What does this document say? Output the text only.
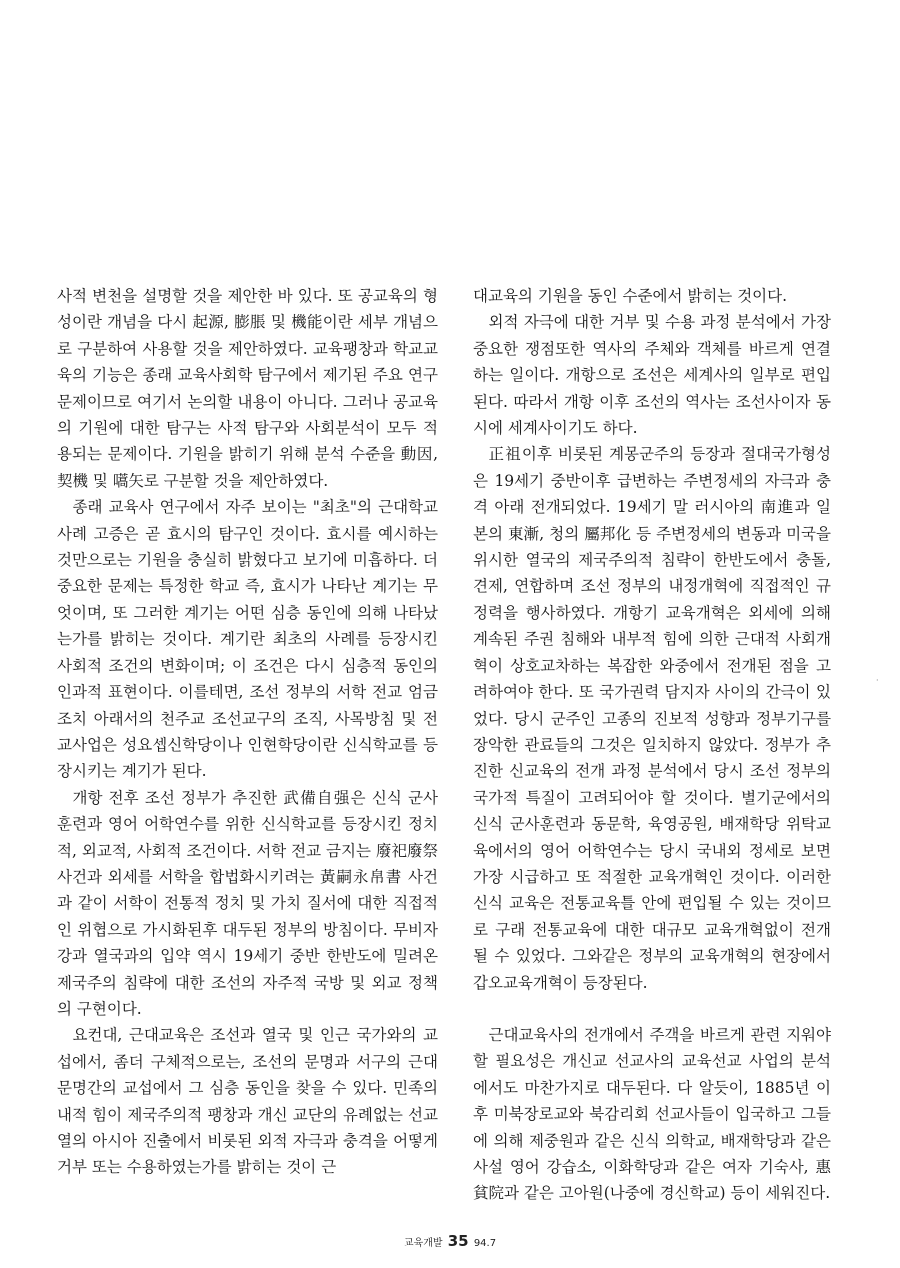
사적 변천을 설명할 것을 제안한 바 있다. 또 공교육의 형성이란 개념을 다시 起源, 膨脹 및 機能이란 세부 개념으로 구분하여 사용할 것을 제안하였다. 교육팽창과 학교교육의 기능은 종래 교육사회학 탐구에서 제기된 주요 연구 문제이므로 여기서 논의할 내용이 아니다. 그러나 공교육의 기원에 대한 탐구는 사적 탐구와 사회분석이 모두 적용되는 문제이다. 기원을 밝히기 위해 분석 수준을 動因, 契機 및 嚆矢로 구분할 것을 제안하였다.

종래 교육사 연구에서 자주 보이는 "최초"의 근대학교 사례 고증은 곧 효시의 탐구인 것이다. 효시를 예시하는 것만으로는 기원을 충실히 밝혔다고 보기에 미흡하다. 더 중요한 문제는 특정한 학교 즉, 효시가 나타난 계기는 무엇이며, 또 그러한 계기는 어떤 심층 동인에 의해 나타났는가를 밝히는 것이다. 계기란 최초의 사례를 등장시킨 사회적 조건의 변화이며; 이 조건은 다시 심층적 동인의 인과적 표현이다. 이를테면, 조선 정부의 서학 전교 엄금 조치 아래서의 천주교 조선교구의 조직, 사목방침 및 전교사업은 성요셉신학당이나 인현학당이란 신식학교를 등장시키는 계기가 된다.

개항 전후 조선 정부가 추진한 武備自强은 신식 군사훈련과 영어 어학연수를 위한 신식학교를 등장시킨 정치적, 외교적, 사회적 조건이다. 서학 전교 금지는 廢祀廢祭 사건과 외세를 서학을 합법화시키려는 黃嗣永帛書 사건과 같이 서학이 전통적 정치 및 가치 질서에 대한 직접적인 위협으로 가시화된후 대두된 정부의 방침이다. 무비자강과 열국과의 입약 역시 19세기 중반 한반도에 밀려온 제국주의 침략에 대한 조선의 자주적 국방 및 외교 정책의 구현이다.

요컨대, 근대교육은 조선과 열국 및 인근 국가와의 교섭에서, 좀더 구체적으로는, 조선의 문명과 서구의 근대문명간의 교섭에서 그 심층 동인을 찾을 수 있다. 민족의 내적 힘이 제국주의적 팽창과 개신 교단의 유례없는 선교열의 아시아 진출에서 비롯된 외적 자극과 충격을 어떻게 거부 또는 수용하였는가를 밝히는 것이 근

대교육의 기원을 동인 수준에서 밝히는 것이다.

외적 자극에 대한 거부 및 수용 과정 분석에서 가장 중요한 쟁점또한 역사의 주체와 객체를 바르게 연결하는 일이다. 개항으로 조선은 세계사의 일부로 편입된다. 따라서 개항 이후 조선의 역사는 조선사이자 동시에 세계사이기도 하다.

正祖이후 비롯된 계몽군주의 등장과 절대국가형성은 19세기 중반이후 급변하는 주변정세의 자극과 충격 아래 전개되었다. 19세기 말 러시아의 南進과 일본의 東漸, 청의 屬邦化 등 주변정세의 변동과 미국을 위시한 열국의 제국주의적 침략이 한반도에서 충돌, 견제, 연합하며 조선 정부의 내정개혁에 직접적인 규정력을 행사하였다. 개항기 교육개혁은 외세에 의해 계속된 주권 침해와 내부적 힘에 의한 근대적 사회개혁이 상호교차하는 복잡한 와중에서 전개된 점을 고려하여야 한다. 또 국가권력 담지자 사이의 간극이 있었다. 당시 군주인 고종의 진보적 성향과 정부기구를 장악한 관료들의 그것은 일치하지 않았다. 정부가 추진한 신교육의 전개 과정 분석에서 당시 조선 정부의 국가적 특질이 고려되어야 할 것이다. 별기군에서의 신식 군사훈련과 동문학, 육영공원, 배재학당 위탁교육에서의 영어 어학연수는 당시 국내외 정세로 보면 가장 시급하고 또 적절한 교육개혁인 것이다. 이러한 신식 교육은 전통교육틀 안에 편입될 수 있는 것이므로 구래 전통교육에 대한 대규모 교육개혁없이 전개될 수 있었다. 그와같은 정부의 교육개혁의 현장에서 갑오교육개혁이 등장된다.

근대교육사의 전개에서 주객을 바르게 관련 지워야할 필요성은 개신교 선교사의 교육선교 사업의 분석에서도 마찬가지로 대두된다. 다 알듯이, 1885년 이후 미북장로교와 북감리회 선교사들이 입국하고 그들에 의해 제중원과 같은 신식 의학교, 배재학당과 같은 사설 영어 강습소, 이화학당과 같은 여자 기숙사, 惠貧院과 같은 고아원(나중에 경신학교) 등이 세워진다.

·
교육개발 35 94.7
